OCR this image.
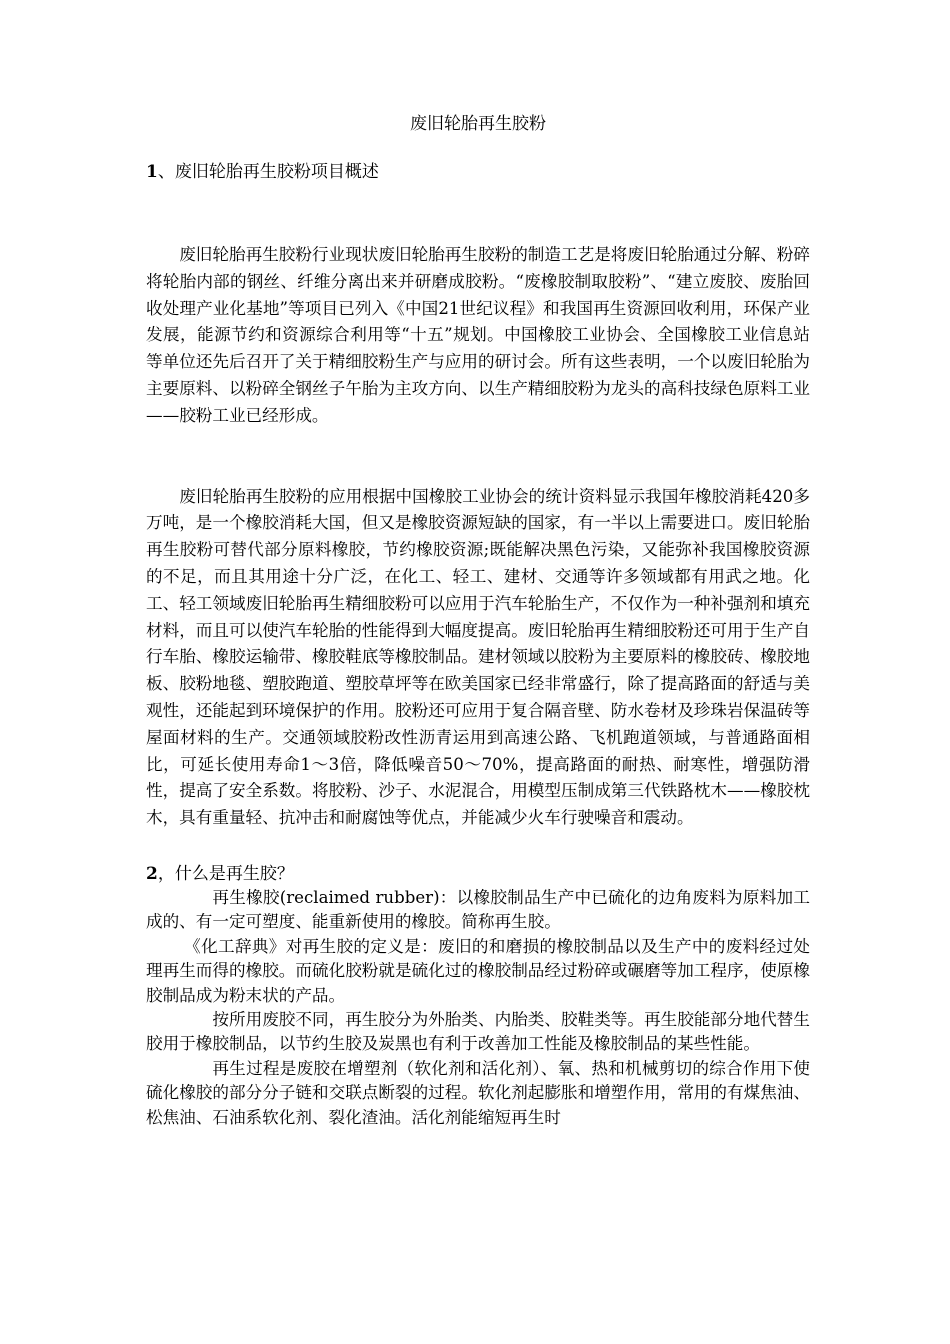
废旧轮胎再生胶粉
1、废旧轮胎再生胶粉项目概述

废旧轮胎再生胶粉行业现状废旧轮胎再生胶粉的制造工艺是将废旧轮胎通过分解、粉碎将轮胎内部的钢丝、纤维分离出来并研磨成胶粉。“废橡胶制取胶粉”、“建立废胶、废胎回收处理产业化基地”等项目已列入《中国21世纪议程》和我国再生资源回收利用，环保产业发展，能源节约和资源综合利用等“十五”规划。中国橡胶工业协会、全国橡胶工业信息站等单位还先后召开了关于精细胶粉生产与应用的研讨会。所有这些表明，一个以废旧轮胎为主要原料、以粉碎全钢丝子午胎为主攻方向、以生产精细胶粉为龙头的高科技绿色原料工业——胶粉工业已经形成。

废旧轮胎再生胶粉的应用根据中国橡胶工业协会的统计资料显示我国年橡胶消耗420多万吨，是一个橡胶消耗大国，但又是橡胶资源短缺的国家，有一半以上需要进口。废旧轮胎再生胶粉可替代部分原料橡胶，节约橡胶资源;既能解决黑色污染，又能弥补我国橡胶资源的不足，而且其用途十分广泛，在化工、轻工、建材、交通等许多领域都有用武之地。化工、轻工领域废旧轮胎再生精细胶粉可以应用于汽车轮胎生产，不仅作为一种补强剂和填充材料，而且可以使汽车轮胎的性能得到大幅度提高。废旧轮胎再生精细胶粉还可用于生产自行车胎、橡胶运输带、橡胶鞋底等橡胶制品。建材领域以胶粉为主要原料的橡胶砖、橡胶地板、胶粉地毯、塑胶跑道、塑胶草坪等在欧美国家已经非常盛行，除了提高路面的舒适与美观性，还能起到环境保护的作用。胶粉还可应用于复合隔音壁、防水卷材及珍珠岩保温砖等屋面材料的生产。交通领域胶粉改性沥青运用到高速公路、飞机跑道领域，与普通路面相比，可延长使用寿命1～3倍，降低噪音50～70%，提高路面的耐热、耐寒性，增强防滑性，提高了安全系数。将胶粉、沙子、水泥混合，用模型压制成第三代铁路枕木——橡胶枕木，具有重量轻、抗冲击和耐腐蚀等优点，并能减少火车行驶噪音和震动。

2，什么是再生胶？

再生橡胶(reclaimed rubber)：以橡胶制品生产中已硫化的边角废料为原料加工成的、有一定可塑度、能重新使用的橡胶。简称再生胶。

《化工辞典》对再生胶的定义是：废旧的和磨损的橡胶制品以及生产中的废料经过处理再生而得的橡胶。而硫化胶粉就是硫化过的橡胶制品经过粉碎或碾磨等加工程序，使原橡胶制品成为粉末状的产品。

按所用废胶不同，再生胶分为外胎类、内胎类、胶鞋类等。再生胶能部分地代替生胶用于橡胶制品，以节约生胶及炭黑也有利于改善加工性能及橡胶制品的某些性能。

再生过程是废胶在增塑剂（软化剂和活化剂）、氧、热和机械剪切的综合作用下使硫化橡胶的部分分子链和交联点断裂的过程。软化剂起膨胀和增塑作用，常用的有煤焦油、松焦油、石油系软化剂、裂化渣油。活化剂能缩短再生时
